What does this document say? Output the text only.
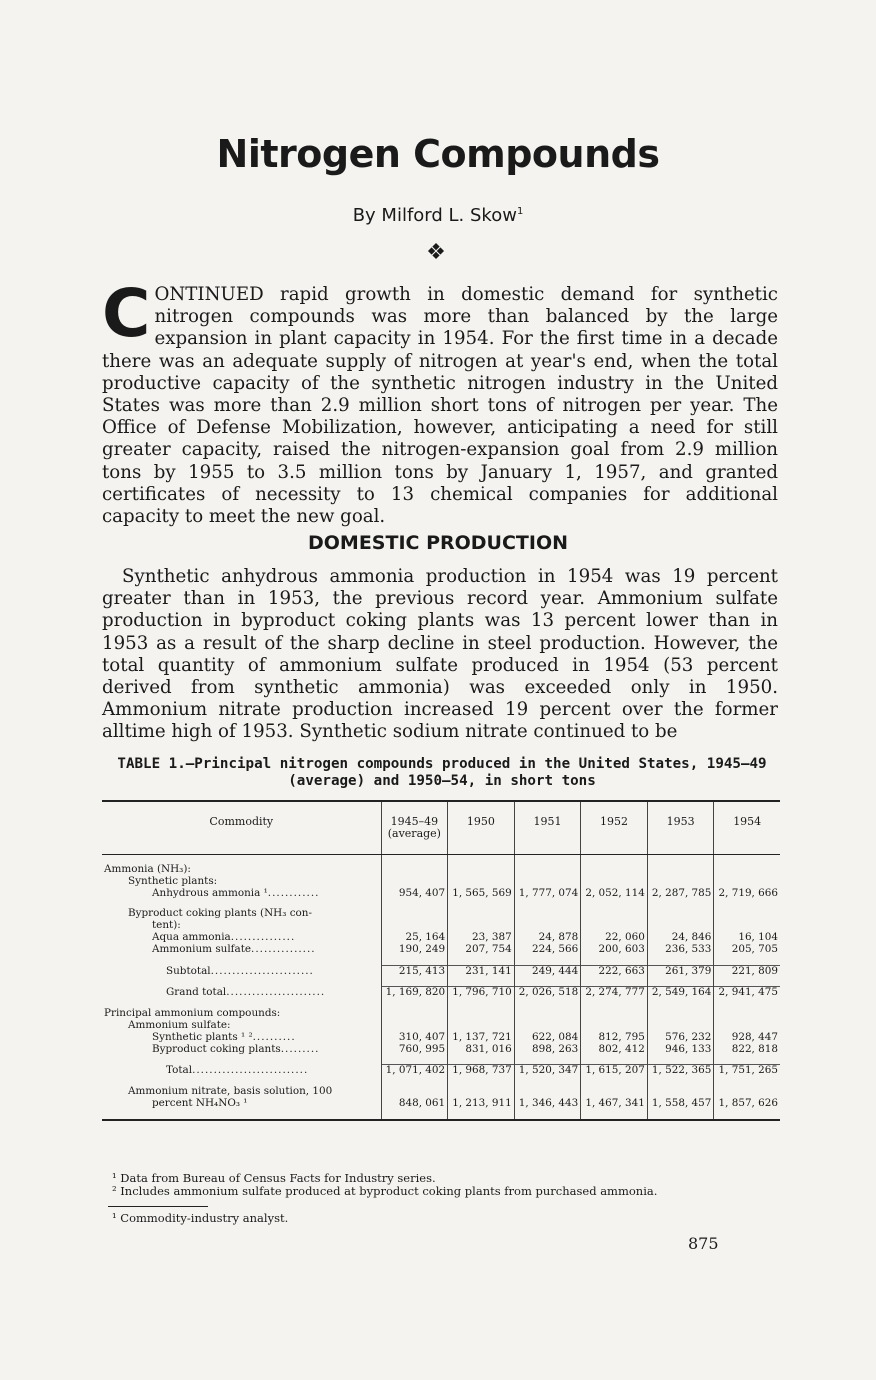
Nitrogen Compounds
By Milford L. Skow$^1$
❖

CONTINUED rapid growth in domestic demand for synthetic nitrogen compounds was more than balanced by the large expansion in plant capacity in 1954. For the first time in a decade there was an adequate supply of nitrogen at year's end, when the total productive capacity of the synthetic nitrogen industry in the United States was more than 2.9 million short tons of nitrogen per year. The Office of Defense Mobilization, however, anticipating a need for still greater capacity, raised the nitrogen-expansion goal from 2.9 million tons by 1955 to 3.5 million tons by January 1, 1957, and granted certificates of necessity to 13 chemical companies for additional capacity to meet the new goal.

DOMESTIC PRODUCTION

Synthetic anhydrous ammonia production in 1954 was 19 percent greater than in 1953, the previous record year. Ammonium sulfate production in byproduct coking plants was 13 percent lower than in 1953 as a result of the sharp decline in steel production. However, the total quantity of ammonium sulfate produced in 1954 (53 percent derived from synthetic ammonia) was exceeded only in 1950. Ammonium nitrate production increased 19 percent over the former alltime high of 1953. Synthetic sodium nitrate continued to be

TABLE 1.—Principal nitrogen compounds produced in the United States, 1945–49
(average) and 1950–54, in short tons
Commodity	1945–49 (average)	1950	1951	1952	1953	1954

Ammonia (NH₃):						
Synthetic plants:						
Anhydrous ammonia ¹............	954, 407	1, 565, 569	1, 777, 074	2, 052, 114	2, 287, 785	2, 719, 666

Byproduct coking plants (NH₃ con-						
tent):						
Aqua ammonia...............	25, 164	23, 387	24, 878	22, 060	24, 846	16, 104
Ammonium sulfate...............	190, 249	207, 754	224, 566	200, 603	236, 533	205, 705

Subtotal........................	215, 413	231, 141	249, 444	222, 663	261, 379	221, 809

Grand total.......................	1, 169, 820	1, 796, 710	2, 026, 518	2, 274, 777	2, 549, 164	2, 941, 475

Principal ammonium compounds:						
Ammonium sulfate:						
Synthetic plants ¹ ²..........	310, 407	1, 137, 721	622, 084	812, 795	576, 232	928, 447
Byproduct coking plants.........	760, 995	831, 016	898, 263	802, 412	946, 133	822, 818

Total...........................	1, 071, 402	1, 968, 737	1, 520, 347	1, 615, 207	1, 522, 365	1, 751, 265

Ammonium nitrate, basis solution, 100						
percent NH₄NO₃ ¹	848, 061	1, 213, 911	1, 346, 443	1, 467, 341	1, 558, 457	1, 857, 626

¹ Data from Bureau of Census Facts for Industry series.

² Includes ammonium sulfate produced at byproduct coking plants from purchased ammonia.

¹ Commodity-industry analyst.

875
